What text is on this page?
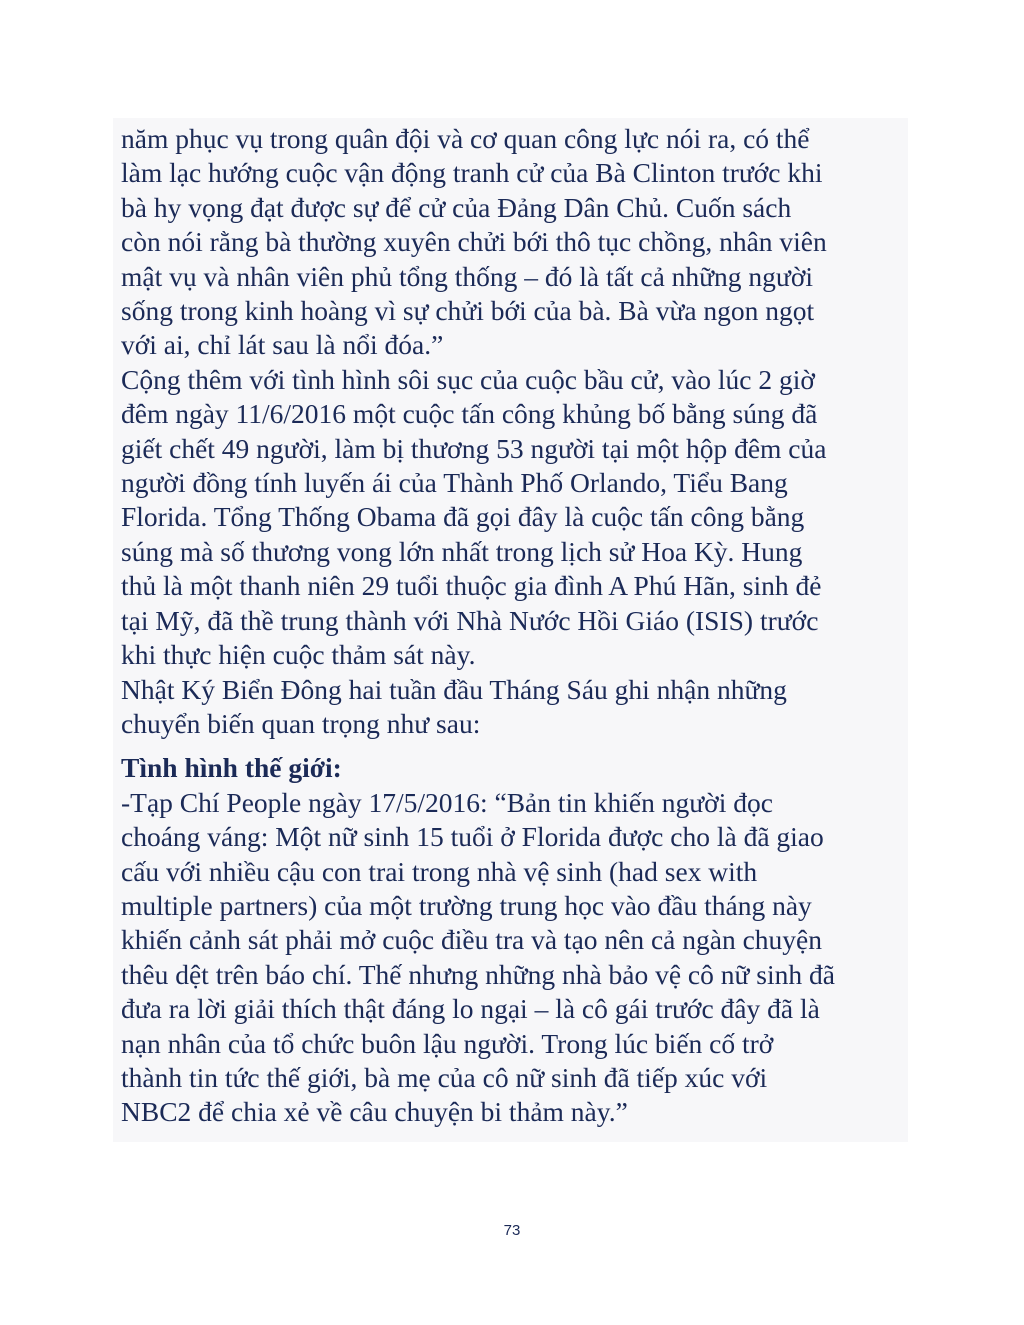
năm phục vụ trong quân đội và cơ quan công lực nói ra, có thể
làm lạc hướng cuộc vận động tranh cử của Bà Clinton trước khi
bà hy vọng đạt được sự để cử của Đảng Dân Chủ. Cuốn sách
còn nói rằng bà thường xuyên chửi bới thô tục chồng, nhân viên
mật vụ và nhân viên phủ tổng thống – đó là tất cả những người
sống trong kinh hoàng vì sự chửi bới của bà. Bà vừa ngon ngọt
với ai, chỉ lát sau là nổi đóa.”
Cộng thêm với tình hình sôi sục của cuộc bầu cử, vào lúc 2 giờ
đêm ngày 11/6/2016 một cuộc tấn công khủng bố bằng súng đã
giết chết 49 người, làm bị thương 53 người tại một hộp đêm của
người đồng tính luyến ái của Thành Phố Orlando, Tiểu Bang
Florida. Tổng Thống Obama đã gọi đây là cuộc tấn công bằng
súng mà số thương vong lớn nhất trong lịch sử Hoa Kỳ. Hung
thủ là một thanh niên 29 tuổi thuộc gia đình A Phú Hãn, sinh đẻ
tại Mỹ, đã thề trung thành với Nhà Nước Hồi Giáo (ISIS) trước
khi thực hiện cuộc thảm sát này.
Nhật Ký Biển Đông hai tuần đầu Tháng Sáu ghi nhận những
chuyển biến quan trọng như sau:
Tình hình thế giới:
-Tạp Chí People ngày 17/5/2016: “Bản tin khiến người đọc
choáng váng: Một nữ sinh 15 tuổi ở Florida được cho là đã giao
cấu với nhiều cậu con trai trong nhà vệ sinh (had sex with
multiple partners) của một trường trung học vào đầu tháng này
khiến cảnh sát phải mở cuộc điều tra và tạo nên cả ngàn chuyện
thêu dệt trên báo chí. Thế nhưng những nhà bảo vệ cô nữ sinh đã
đưa ra lời giải thích thật đáng lo ngại – là cô gái trước đây đã là
nạn nhân của tổ chức buôn lậu người. Trong lúc biến cố trở
thành tin tức thế giới, bà mẹ của cô nữ sinh đã tiếp xúc với
NBC2 để chia xẻ về câu chuyện bi thảm này.”
73
